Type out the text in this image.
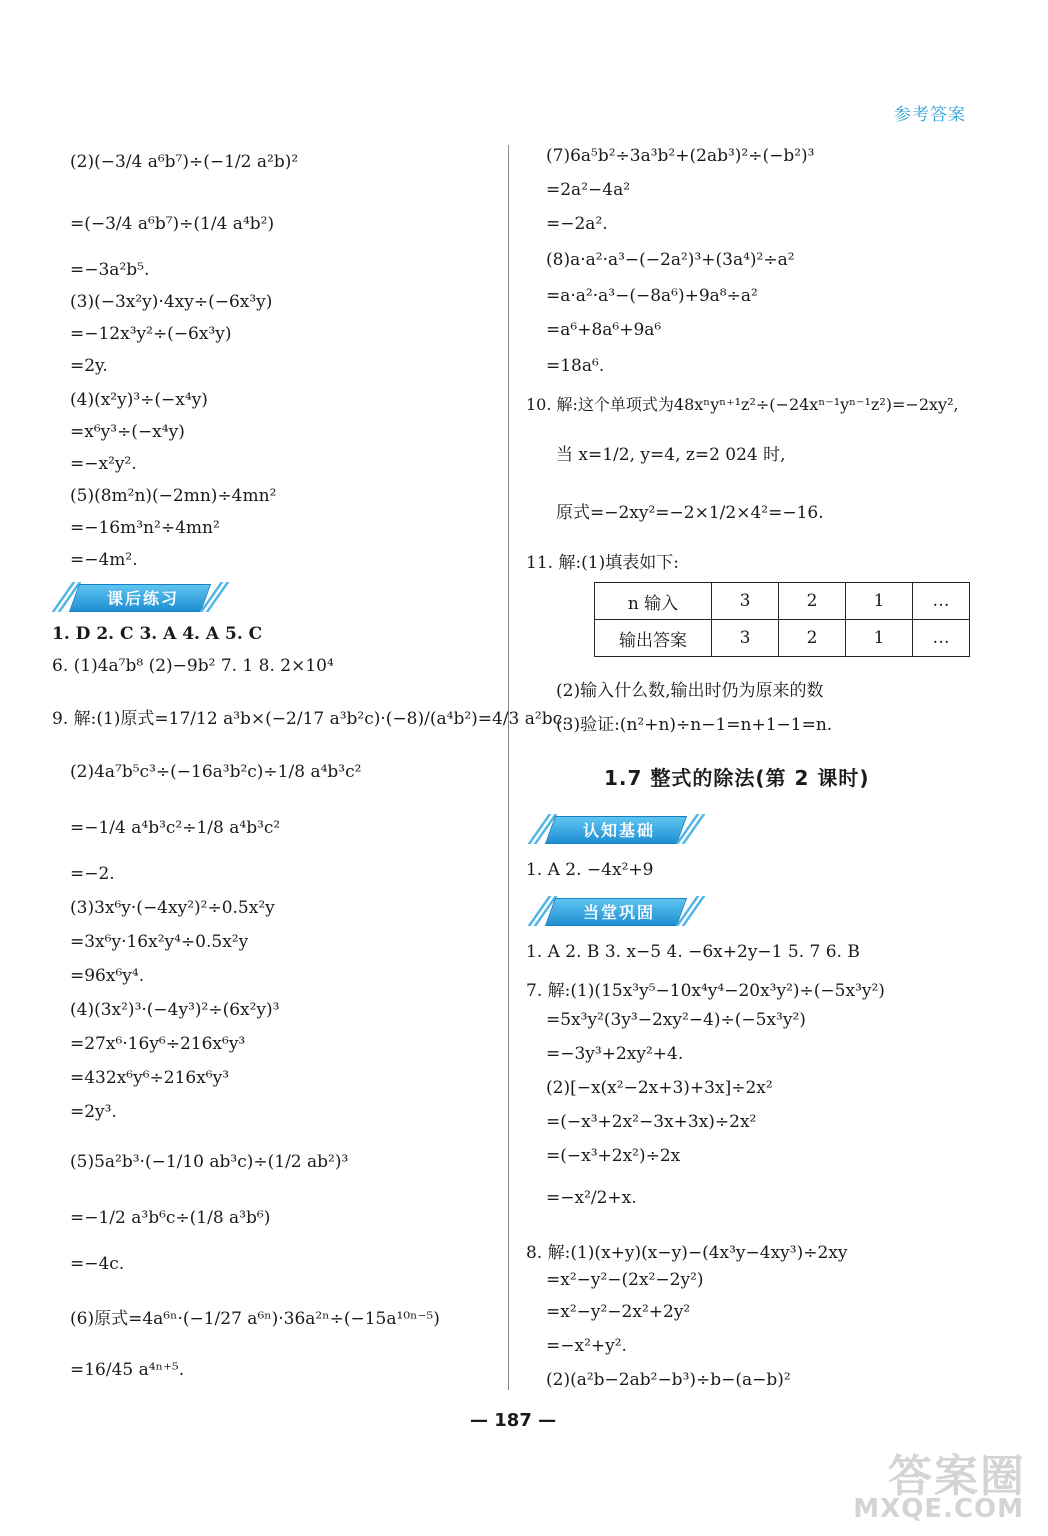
参考答案
(2)(−3/4 a⁶b⁷)÷(−1/2 a²b)²
=(−3/4 a⁶b⁷)÷(1/4 a⁴b²)
=−3a²b⁵.
(3)(−3x²y)·4xy÷(−6x³y)
=−12x³y²÷(−6x³y)
=2y.
(4)(x²y)³÷(−x⁴y)
=x⁶y³÷(−x⁴y)
=−x²y².
(5)(8m²n)(−2mn)÷4mn²
=−16m³n²÷4mn²
=−4m².
课后练习
1. D 2. C 3. A 4. A 5. C
6. (1)4a⁷b⁸ (2)−9b² 7. 1 8. 2×10⁴
9. 解:(1)原式=17/12 a³b×(−2/17 a³b²c)·(−8)/(a⁴b²)=4/3 a²bc.
(2)4a⁷b⁵c³÷(−16a³b²c)÷1/8 a⁴b³c²
=−1/4 a⁴b³c²÷1/8 a⁴b³c²
=−2.
(3)3x⁶y·(−4xy²)²÷0.5x²y
=3x⁶y·16x²y⁴÷0.5x²y
=96x⁶y⁴.
(4)(3x²)³·(−4y³)²÷(6x²y)³
=27x⁶·16y⁶÷216x⁶y³
=432x⁶y⁶÷216x⁶y³
=2y³.
(5)5a²b³·(−1/10 ab³c)÷(1/2 ab²)³
=−1/2 a³b⁶c÷(1/8 a³b⁶)
=−4c.
(6)原式=4a⁶ⁿ·(−1/27 a⁶ⁿ)·36a²ⁿ÷(−15a¹⁰ⁿ⁻⁵)
=16/45 a⁴ⁿ⁺⁵.
(7)6a⁵b²÷3a³b²+(2ab³)²÷(−b²)³
=2a²−4a²
=−2a².
(8)a·a²·a³−(−2a²)³+(3a⁴)²÷a²
=a·a²·a³−(−8a⁶)+9a⁸÷a²
=a⁶+8a⁶+9a⁶
=18a⁶.
10. 解:这个单项式为48xⁿyⁿ⁺¹z²÷(−24xⁿ⁻¹yⁿ⁻¹z²)=−2xy²,
当 x=1/2, y=4, z=2 024 时,
原式=−2xy²=−2×1/2×4²=−16.
11. 解:(1)填表如下:
n 输入	3	2	1	…
输出答案	3	2	1	…
(2)输入什么数,输出时仍为原来的数
(3)验证:(n²+n)÷n−1=n+1−1=n.
1.7 整式的除法(第 2 课时)
认知基础
1. A 2. −4x²+9
当堂巩固
1. A 2. B 3. x−5 4. −6x+2y−1 5. 7 6. B
7. 解:(1)(15x³y⁵−10x⁴y⁴−20x³y²)÷(−5x³y²)
=5x³y²(3y³−2xy²−4)÷(−5x³y²)
=−3y³+2xy²+4.
(2)[−x(x²−2x+3)+3x]÷2x²
=(−x³+2x²−3x+3x)÷2x²
=(−x³+2x²)÷2x
=−x²/2+x.
8. 解:(1)(x+y)(x−y)−(4x³y−4xy³)÷2xy
=x²−y²−(2x²−2y²)
=x²−y²−2x²+2y²
=−x²+y².
(2)(a²b−2ab²−b³)÷b−(a−b)²
— 187 —
答案圈
MXQE.COM
